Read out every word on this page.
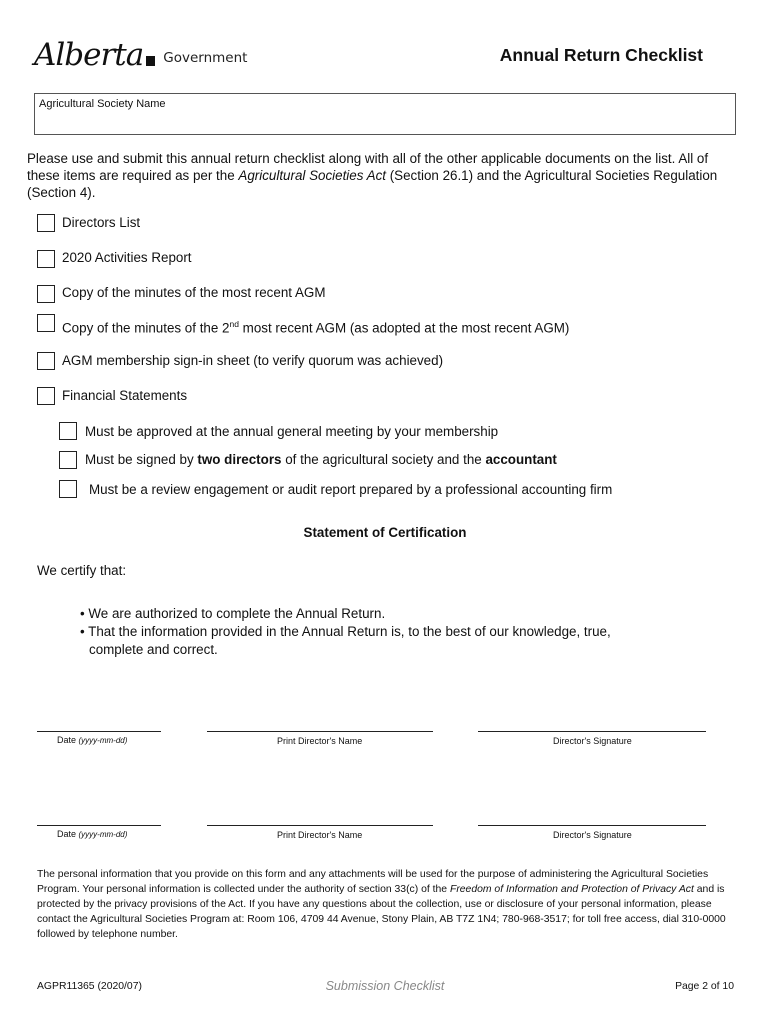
Alberta Government	Annual Return Checklist
Agricultural Society Name

Please use and submit this annual return checklist along with all of the other applicable documents on the list. All of these items are required as per the Agricultural Societies Act (Section 26.1) and the Agricultural Societies Regulation (Section 4).

Directors List
2020 Activities Report
Copy of the minutes of the most recent AGM
Copy of the minutes of the 2nd most recent AGM (as adopted at the most recent AGM)
AGM membership sign-in sheet (to verify quorum was achieved)
Financial Statements
Must be approved at the annual general meeting by your membership
Must be signed by two directors of the agricultural society and the accountant
Must be a review engagement or audit report prepared by a professional accounting firm
Statement of Certification
We certify that:
• We are authorized to complete the Annual Return.
• That the information provided in the Annual Return is, to the best of our knowledge, true,
complete and correct.
Date (yyyy-mm-dd)	Print Director's Name	Director's Signature
Date (yyyy-mm-dd)	Print Director's Name	Director's Signature

The personal information that you provide on this form and any attachments will be used for the purpose of administering the Agricultural Societies Program. Your personal information is collected under the authority of section 33(c) of the Freedom of Information and Protection of Privacy Act and is protected by the privacy provisions of the Act. If you have any questions about the collection, use or disclosure of your personal information, please contact the Agricultural Societies Program at: Room 106, 4709 44 Avenue, Stony Plain, AB T7Z 1N4; 780-968-3517; for toll free access, dial 310-0000 followed by telephone number.

AGPR11365 (2020/07)	Submission Checklist	Page 2 of 10
